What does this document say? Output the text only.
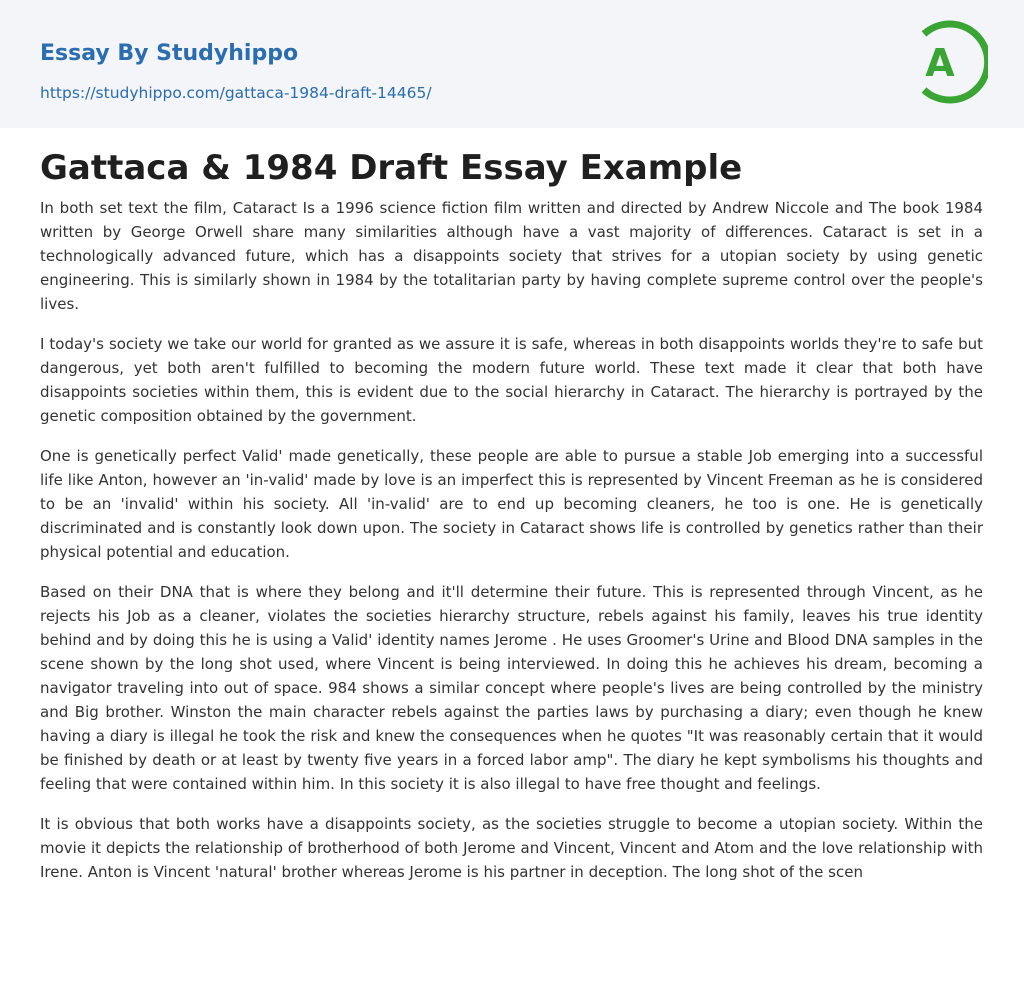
Essay By Studyhippo
https://studyhippo.com/gattaca-1984-draft-14465/
A
Gattaca & 1984 Draft Essay Example

In both set text the film, Cataract Is a 1996 science fiction film written and directed by Andrew Niccole and The book 1984 written by George Orwell share many similarities although have a vast majority of differences. Cataract is set in a technologically advanced future, which has a disappoints society that strives for a utopian society by using genetic engineering. This is similarly shown in 1984 by the totalitarian party by having complete supreme control over the people's lives.

I today's society we take our world for granted as we assure it is safe, whereas in both disappoints worlds they're to safe but dangerous, yet both aren't fulfilled to becoming the modern future world. These text made it clear that both have disappoints societies within them, this is evident due to the social hierarchy in Cataract. The hierarchy is portrayed by the genetic composition obtained by the government.

One is genetically perfect Valid' made genetically, these people are able to pursue a stable Job emerging into a successful life like Anton, however an 'in-valid' made by love is an imperfect this is represented by Vincent Freeman as he is considered to be an 'invalid' within his society. All 'in-valid' are to end up becoming cleaners, he too is one. He is genetically discriminated and is constantly look down upon. The society in Cataract shows life is controlled by genetics rather than their physical potential and education.

Based on their DNA that is where they belong and it'll determine their future. This is represented through Vincent, as he rejects his Job as a cleaner, violates the societies hierarchy structure, rebels against his family, leaves his true identity behind and by doing this he is using a Valid' identity names Jerome . He uses Groomer's Urine and Blood DNA samples in the scene shown by the long shot used, where Vincent is being interviewed. In doing this he achieves his dream, becoming a navigator traveling into out of space. 984 shows a similar concept where people's lives are being controlled by the ministry and Big brother. Winston the main character rebels against the parties laws by purchasing a diary; even though he knew having a diary is illegal he took the risk and knew the consequences when he quotes "It was reasonably certain that it would be finished by death or at least by twenty five years in a forced labor amp". The diary he kept symbolisms his thoughts and feeling that were contained within him. In this society it is also illegal to have free thought and feelings.

It is obvious that both works have a disappoints society, as the societies struggle to become a utopian society. Within the movie it depicts the relationship of brotherhood of both Jerome and Vincent, Vincent and Atom and the love relationship with Irene. Anton is Vincent 'natural' brother whereas Jerome is his partner in deception. The long shot of the scen
